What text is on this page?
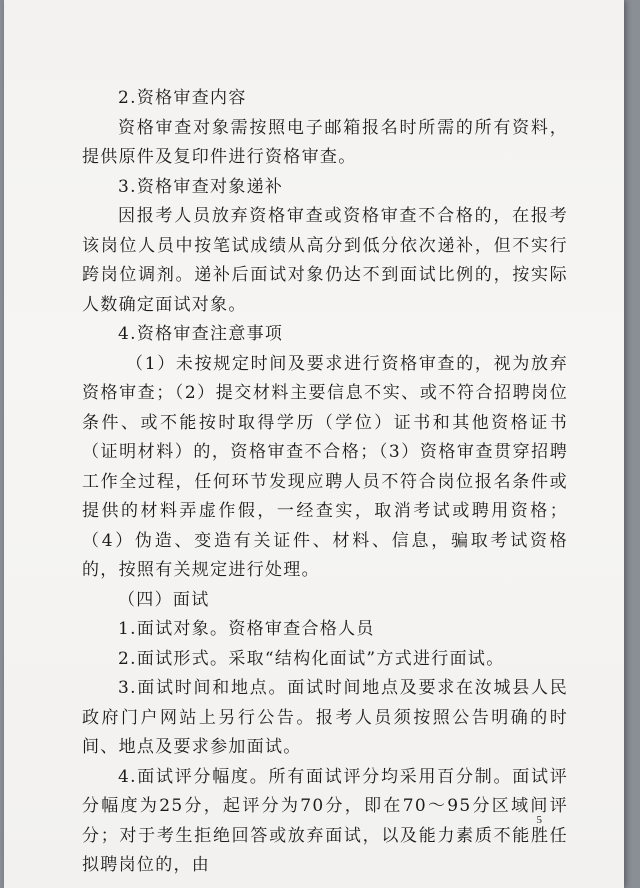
2.资格审查内容

资格审查对象需按照电子邮箱报名时所需的所有资料，提供原件及复印件进行资格审查。

3.资格审查对象递补

因报考人员放弃资格审查或资格审查不合格的，在报考该岗位人员中按笔试成绩从高分到低分依次递补，但不实行跨岗位调剂。递补后面试对象仍达不到面试比例的，按实际人数确定面试对象。

4.资格审查注意事项

（1）未按规定时间及要求进行资格审查的，视为放弃资格审查；（2）提交材料主要信息不实、或不符合招聘岗位条件、或不能按时取得学历（学位）证书和其他资格证书（证明材料）的，资格审查不合格；（3）资格审查贯穿招聘工作全过程，任何环节发现应聘人员不符合岗位报名条件或提供的材料弄虚作假，一经查实，取消考试或聘用资格；（4）伪造、变造有关证件、材料、信息，骗取考试资格的，按照有关规定进行处理。

（四）面试

1.面试对象。资格审查合格人员

2.面试形式。采取“结构化面试”方式进行面试。

3.面试时间和地点。面试时间地点及要求在汝城县人民政府门户网站上另行公告。报考人员须按照公告明确的时间、地点及要求参加面试。

4.面试评分幅度。所有面试评分均采用百分制。面试评分幅度为25分，起评分为70分，即在70～95分区域间评分；对于考生拒绝回答或放弃面试，以及能力素质不能胜任拟聘岗位的，由

5
